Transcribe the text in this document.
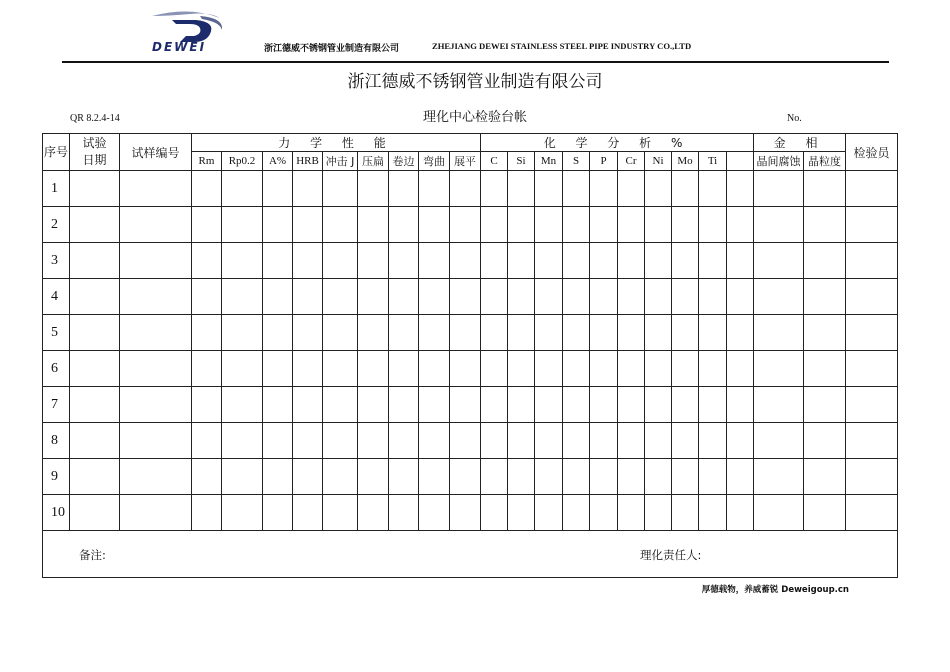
DEWEI	浙江德威不锈钢管业制造有限公司	ZHEJIANG DEWEI STAINLESS STEEL PIPE INDUSTRY CO.,LTD
浙江德威不锈钢管业制造有限公司
QR 8.2.4-14	理化中心检验台帐	No.
序号	试验日期	试样编号	力 学 性 能									化 学 分 析 %										金 相		检验员
			Rm	Rp0.2	A%	HRB	冲击 J	压扁	卷边	弯曲	展平	C	Si	Mn	S	P	Cr	Ni	Mo	Ti		晶间腐蚀	晶粒度	
1																								
2																								
3																								
4																								
5																								
6																								
7																								
8																								
9																								
10																								

备注: 理化责任人:																								
厚德载物，养威蓄锐 Deweigoup.cn
